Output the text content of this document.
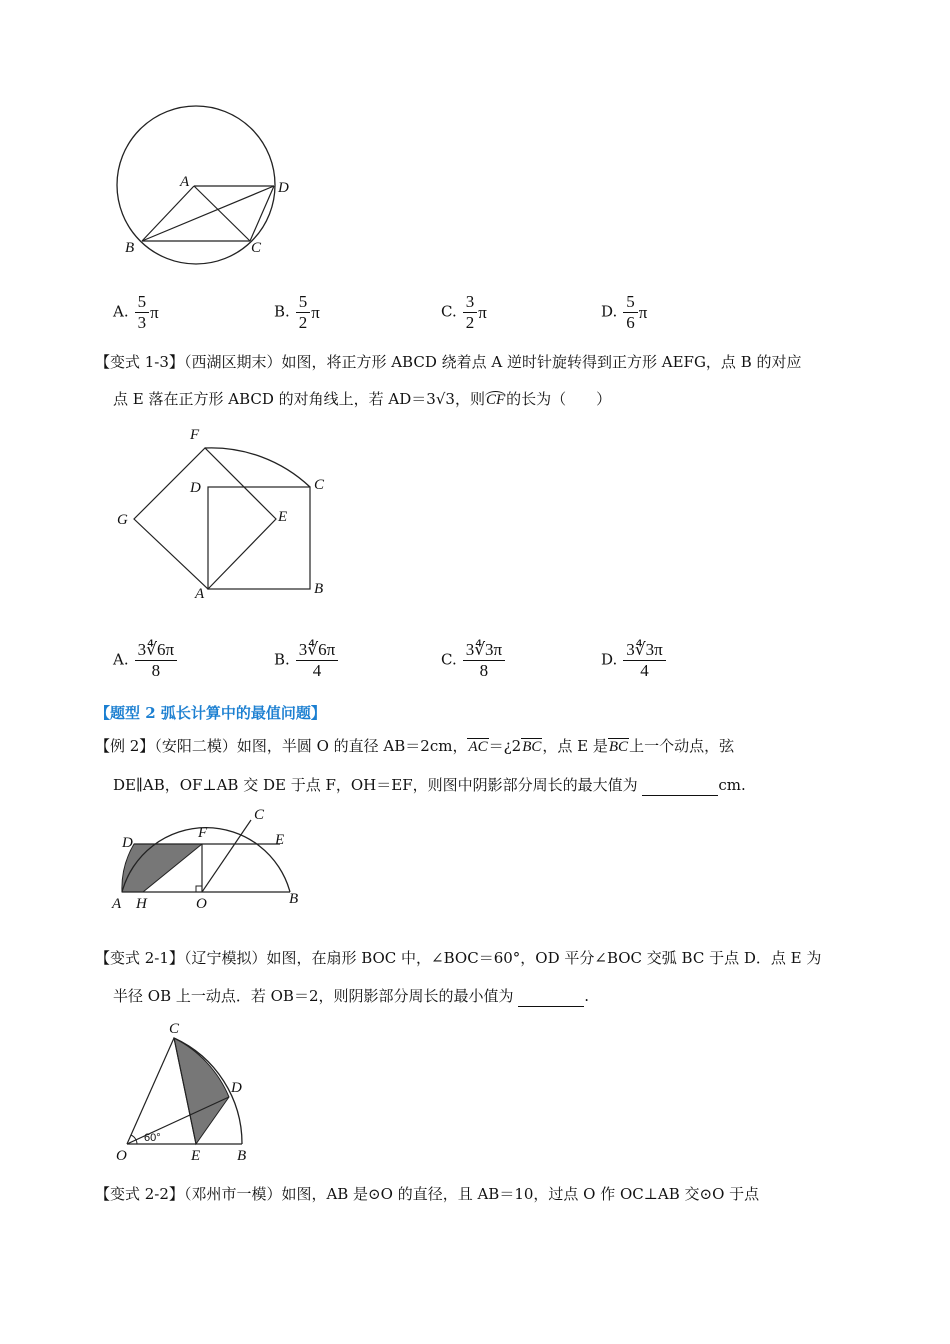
A	D
B	C
A. $\frac{5}{3}$ π	B. $\frac{5}{2}$ π	C. $\frac{3}{2}$ π	D. $\frac{5}{6}$ π
【变式 1-3】（西湖区期末）如图，将正方形 ABCD 绕着点 A 逆时针旋转得到正方形 AEFG，点 B 的对应
点 E 落在正方形 ABCD 的对角线上，若 AD＝3√3，则CF的长为（　　）
F
D	C
G	E
A	B
A. $\frac{3∜6\pi}{8}$	B. $\frac{3∜6\pi}{4}$	C. $\frac{3∜3\pi}{8}$	D. $\frac{3∜3\pi}{4}$
【题型 2 弧长计算中的最值问题】
【例 2】（安阳二模）如图，半圆 O 的直径 AB＝2cm，AC＝¿2BC，点 E 是BC上一个动点，弦
DE∥AB，OF⊥AB 交 DE 于点 F，OH＝EF，则图中阴影部分周长的最大值为	cm.
C
D
F	E
A H	O	B
【变式 2-1】（辽宁模拟）如图，在扇形 BOC 中，∠BOC＝60°，OD 平分∠BOC 交弧 BC 于点 D．点 E 为
半径 OB 上一动点．若 OB＝2，则阴影部分周长的最小值为	.
C
D
O	E B
60°
【变式 2-2】（邓州市一模）如图，AB 是⊙O 的直径，且 AB＝10，过点 O 作 OC⊥AB 交⊙O 于点
